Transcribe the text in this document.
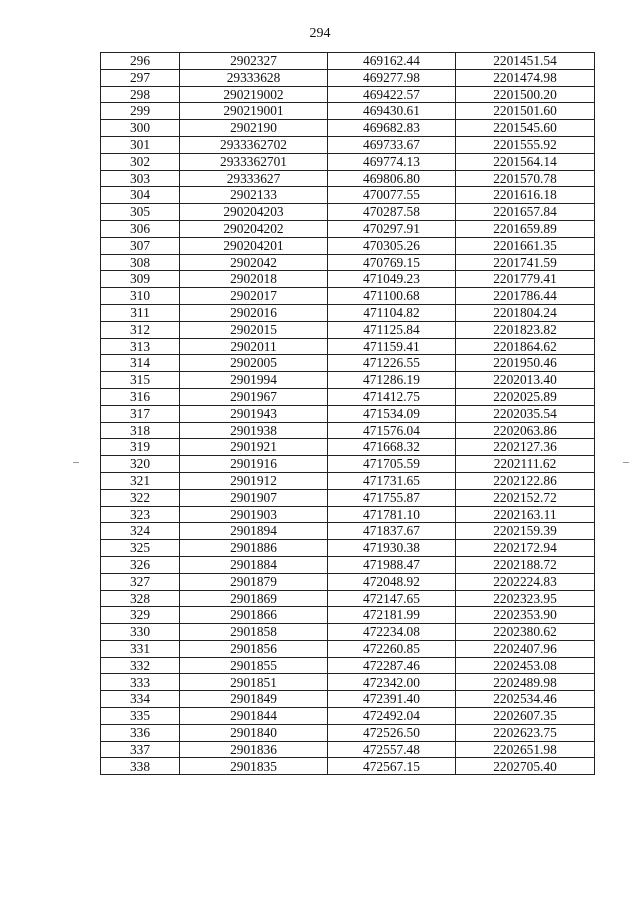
294
296	2902327	469162.44	2201451.54
297	29333628	469277.98	2201474.98
298	290219002	469422.57	2201500.20
299	290219001	469430.61	2201501.60
300	2902190	469682.83	2201545.60
301	2933362702	469733.67	2201555.92
302	2933362701	469774.13	2201564.14
303	29333627	469806.80	2201570.78
304	2902133	470077.55	2201616.18
305	290204203	470287.58	2201657.84
306	290204202	470297.91	2201659.89
307	290204201	470305.26	2201661.35
308	2902042	470769.15	2201741.59
309	2902018	471049.23	2201779.41
310	2902017	471100.68	2201786.44
311	2902016	471104.82	2201804.24
312	2902015	471125.84	2201823.82
313	2902011	471159.41	2201864.62
314	2902005	471226.55	2201950.46
315	2901994	471286.19	2202013.40
316	2901967	471412.75	2202025.89
317	2901943	471534.09	2202035.54
318	2901938	471576.04	2202063.86
319	2901921	471668.32	2202127.36
320	2901916	471705.59	2202111.62
321	2901912	471731.65	2202122.86
322	2901907	471755.87	2202152.72
323	2901903	471781.10	2202163.11
324	2901894	471837.67	2202159.39
325	2901886	471930.38	2202172.94
326	2901884	471988.47	2202188.72
327	2901879	472048.92	2202224.83
328	2901869	472147.65	2202323.95
329	2901866	472181.99	2202353.90
330	2901858	472234.08	2202380.62
331	2901856	472260.85	2202407.96
332	2901855	472287.46	2202453.08
333	2901851	472342.00	2202489.98
334	2901849	472391.40	2202534.46
335	2901844	472492.04	2202607.35
336	2901840	472526.50	2202623.75
337	2901836	472557.48	2202651.98
338	2901835	472567.15	2202705.40
